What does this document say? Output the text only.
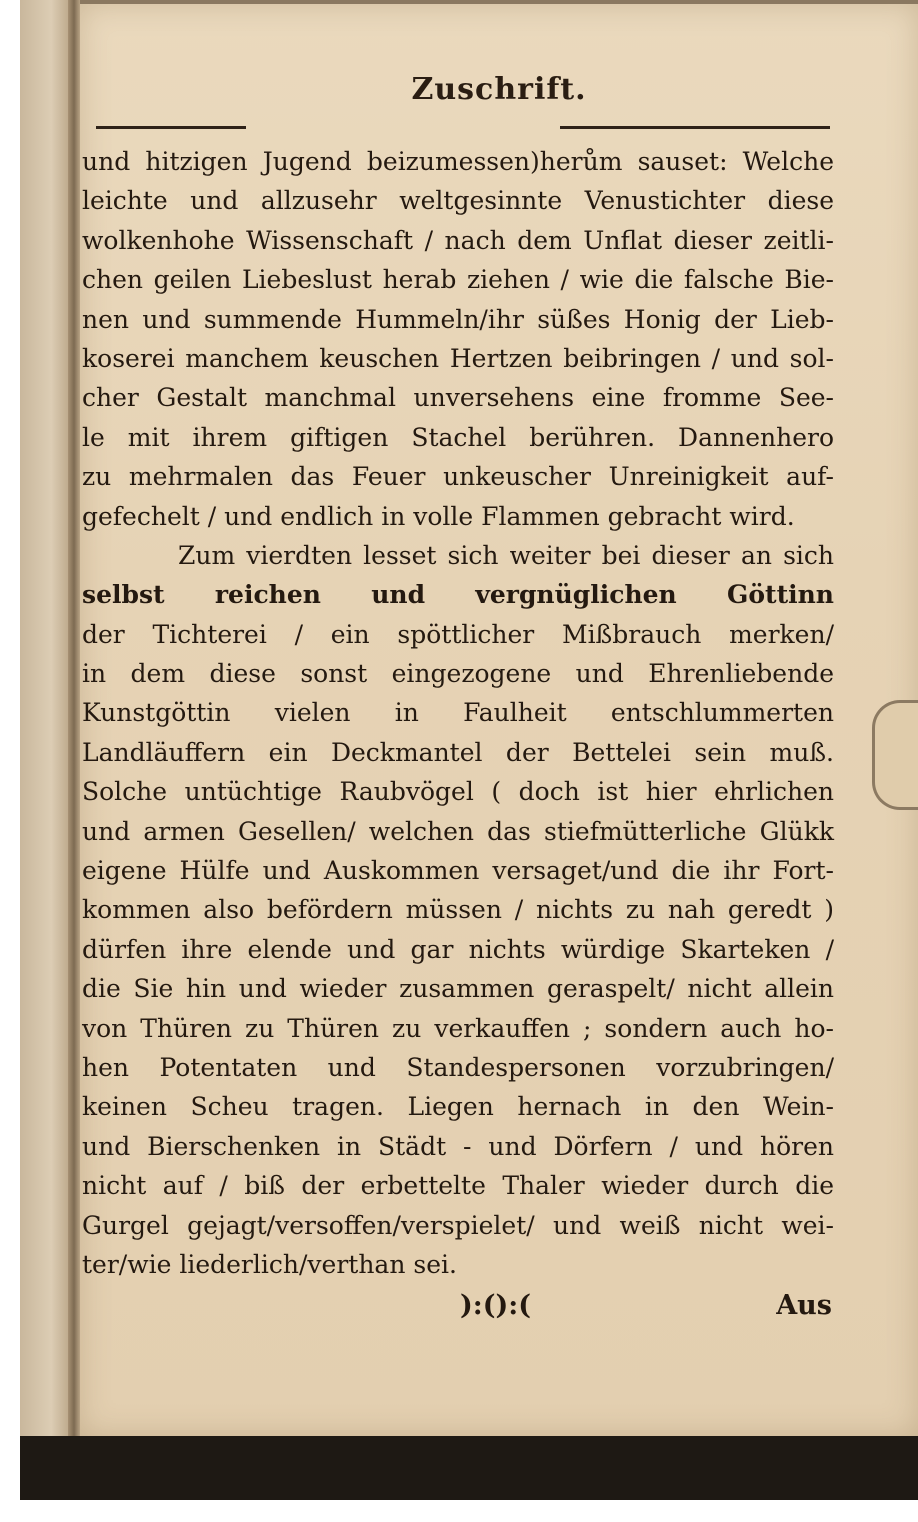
Zuschrift.
und hitzigen Jugend beizumessen)herům sauset: Welche
leichte und allzusehr weltgesinnte Venustichter diese
wolkenhohe Wissenschaft / nach dem Unflat dieser zeitli-
chen geilen Liebeslust herab ziehen / wie die falsche Bie-
nen und summende Hummeln/ihr süßes Honig der Lieb-
koserei manchem keuschen Hertzen beibringen / und sol-
cher Gestalt manchmal unversehens eine fromme See-
le mit ihrem giftigen Stachel berühren. Dannenhero
zu mehrmalen das Feuer unkeuscher Unreinigkeit auf-
gefechelt / und endlich in volle Flammen gebracht wird.
Zum vierdten lesset sich weiter bei dieser an sich
selbst reichen und vergnüglichen Göttinn
der Tichterei / ein spöttlicher Mißbrauch merken/
in dem diese sonst eingezogene und Ehrenliebende
Kunstgöttin vielen in Faulheit entschlummerten
Landläuffern ein Deckmantel der Bettelei sein muß.
Solche untüchtige Raubvögel ( doch ist hier ehrlichen
und armen Gesellen/ welchen das stiefmütterliche Glükk
eigene Hülfe und Auskommen versaget/und die ihr Fort-
kommen also befördern müssen / nichts zu nah geredt )
dürfen ihre elende und gar nichts würdige Skarteken /
die Sie hin und wieder zusammen geraspelt/ nicht allein
von Thüren zu Thüren zu verkauffen ; sondern auch ho-
hen Potentaten und Standespersonen vorzubringen/
keinen Scheu tragen. Liegen hernach in den Wein-
und Bierschenken in Städt - und Dörfern / und hören
nicht auf / biß der erbettelte Thaler wieder durch die
Gurgel gejagt/versoffen/verspielet/ und weiß nicht wei-
ter/wie liederlich/verthan sei.
):():(	Aus
